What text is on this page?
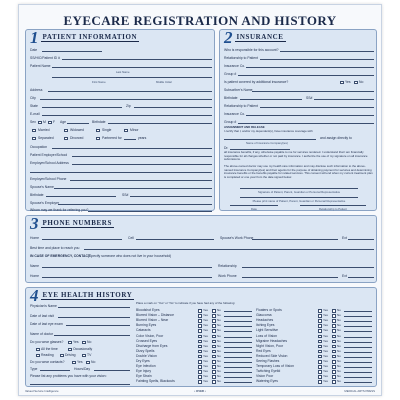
EYECARE REGISTRATION AND HISTORY
1 PATIENT INFORMATION
Date
SS/HIC/Patient ID #
Patient Name
Last Name
First Name	Middle Initial
Address
City
State	Zip
E-mail
Sex M F Age	Birthdate
Married	Widowed	Single	Minor
Separated	Divorced	Partnered for	years
Occupation
Patient Employer/School
Employer/School Address
Employer/School Phone
Spouse's Name
Birthdate	SS#
Spouse's Employer
Whom may we thank for referring you?
2 INSURANCE
Who is responsible for this account?
Relationship to Patient
Insurance Co.
Group #
Is patient covered by additional insurance?	Yes No
Subscriber's Name
Birthdate	SS#
Relationship to Patient
Insurance Co.
Group #
ASSIGNMENT AND RELEASE
I certify that I, and/or my dependent(s), have insurance coverage with
and assign directly to
Name of Insurance Company(ies)
Dr.
all insurance benefits, if any, otherwise payable to me for services rendered. I understand that I am financially responsible for all charges whether or not paid by insurance. I authorize the use of my signature on all insurance submissions.
The above-named doctor may use my health care information and may disclose such information to the above-named Insurance Company(ies) and their agents for the purpose of obtaining payment for services and determining insurance benefits or the benefits payable for related services. This consent will end when my current treatment plan is completed or one year from the date signed below.
Signature of Patient, Parent, Guardian or Personal Representative
Please print name of Patient, Parent, Guardian or Personal Representative
Date	Relationship to Patient
3 PHONE NUMBERS
Home	Cell	Spouse's Work Phone	Ext
Best time and place to reach you
IN CASE OF EMERGENCY, CONTACT
(Specify someone who does not live in your household)
Name	Relationship
Home	Work Phone	Ext
4 EYE HEALTH HISTORY
Physician's Name
Date of last visit
Date of last eye exam
Name of doctor
Do you wear glasses?	Yes No
All the time	Occasionally
Reading	Driving	TV
Do you wear contacts?	Yes No
Type	Hours/Day
Please list any problems you have with your vision:
Place a mark on "Yes" or "No" to indicate if you have had any of the following:
Bloodshot Eyes	Yes	No
Blurred Vision – Distance	Yes	No
Blurred Vision – Near	Yes	No
Burning Eyes	Yes	No
Cataracts	Yes	No
Color Vision, Poor	Yes	No
Crossed Eyes	Yes	No
Discharge from Eyes	Yes	No
Dizzy Spells	Yes	No
Double Vision	Yes	No
Dry Eyes	Yes	No
Eye Infection	Yes	No
Eye Injury	Yes	No
Eye Strain	Yes	No
Fainting Spells, Blackouts	Yes	No
Floaters or Spots	Yes	No
Glaucoma	Yes	No
Headaches	Yes	No
Itching Eyes	Yes	No
Light Sensitive	Yes	No
Loss of Vision	Yes	No
Migraine Headaches	Yes	No
Night Vision, Poor	Yes	No
Red Eyes	Yes	No
Reduced Side Vision	Yes	No
Seeing Flashes	Yes	No
Temporary Loss of Vision	Yes	No
Twitching Eyelid	Yes	No
Vision Poor	Yes	No
Watering Eyes	Yes	No
Valued Service Intelligence	• OVER •	MEDICAL ARTS PRESS
